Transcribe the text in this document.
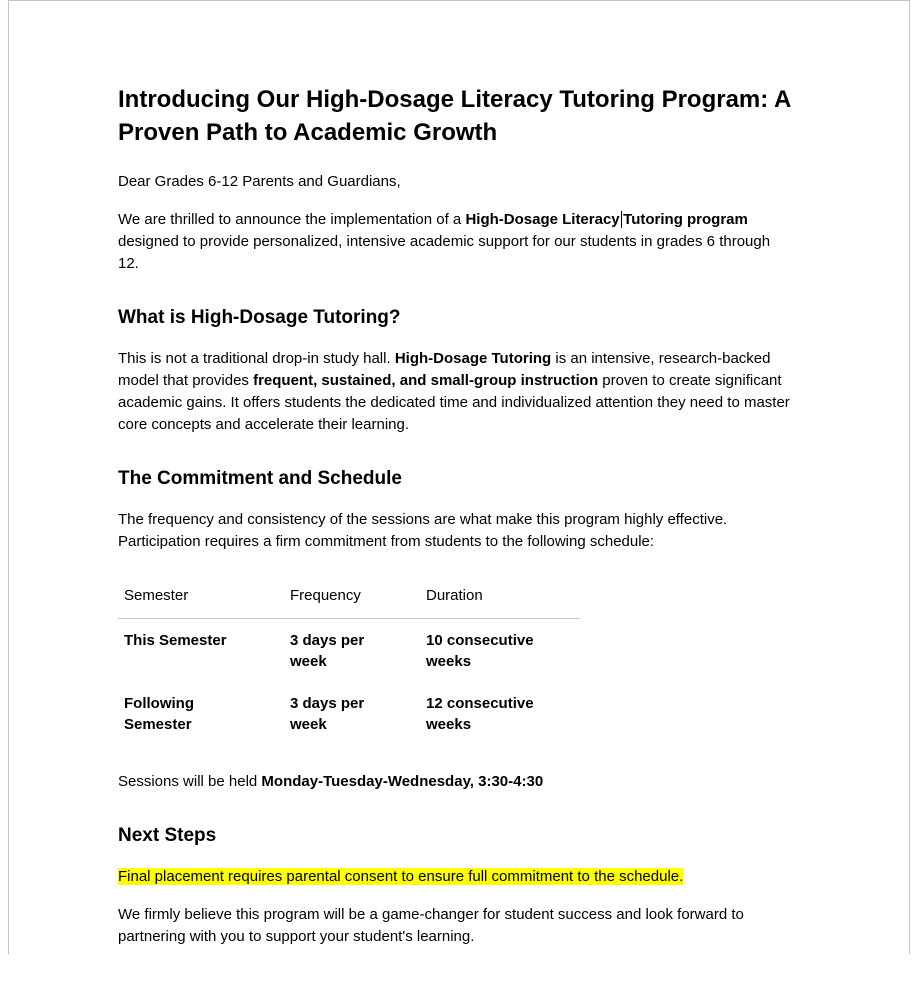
Introducing Our High-Dosage Literacy Tutoring Program: A Proven Path to Academic Growth

Dear Grades 6-12 Parents and Guardians,

We are thrilled to announce the implementation of a High-Dosage Literacy Tutoring program designed to provide personalized, intensive academic support for our students in grades 6 through 12.

What is High-Dosage Tutoring?

This is not a traditional drop-in study hall. High-Dosage Tutoring is an intensive, research-backed model that provides frequent, sustained, and small-group instruction proven to create significant academic gains. It offers students the dedicated time and individualized attention they need to master core concepts and accelerate their learning.

The Commitment and Schedule

The frequency and consistency of the sessions are what make this program highly effective. Participation requires a firm commitment from students to the following schedule:

Semester	Frequency	Duration
This Semester	3 days per week	10 consecutive weeks
Following Semester	3 days per week	12 consecutive weeks

Sessions will be held Monday-Tuesday-Wednesday, 3:30-4:30

Next Steps

Final placement requires parental consent to ensure full commitment to the schedule.

We firmly believe this program will be a game-changer for student success and look forward to partnering with you to support your student's learning.
